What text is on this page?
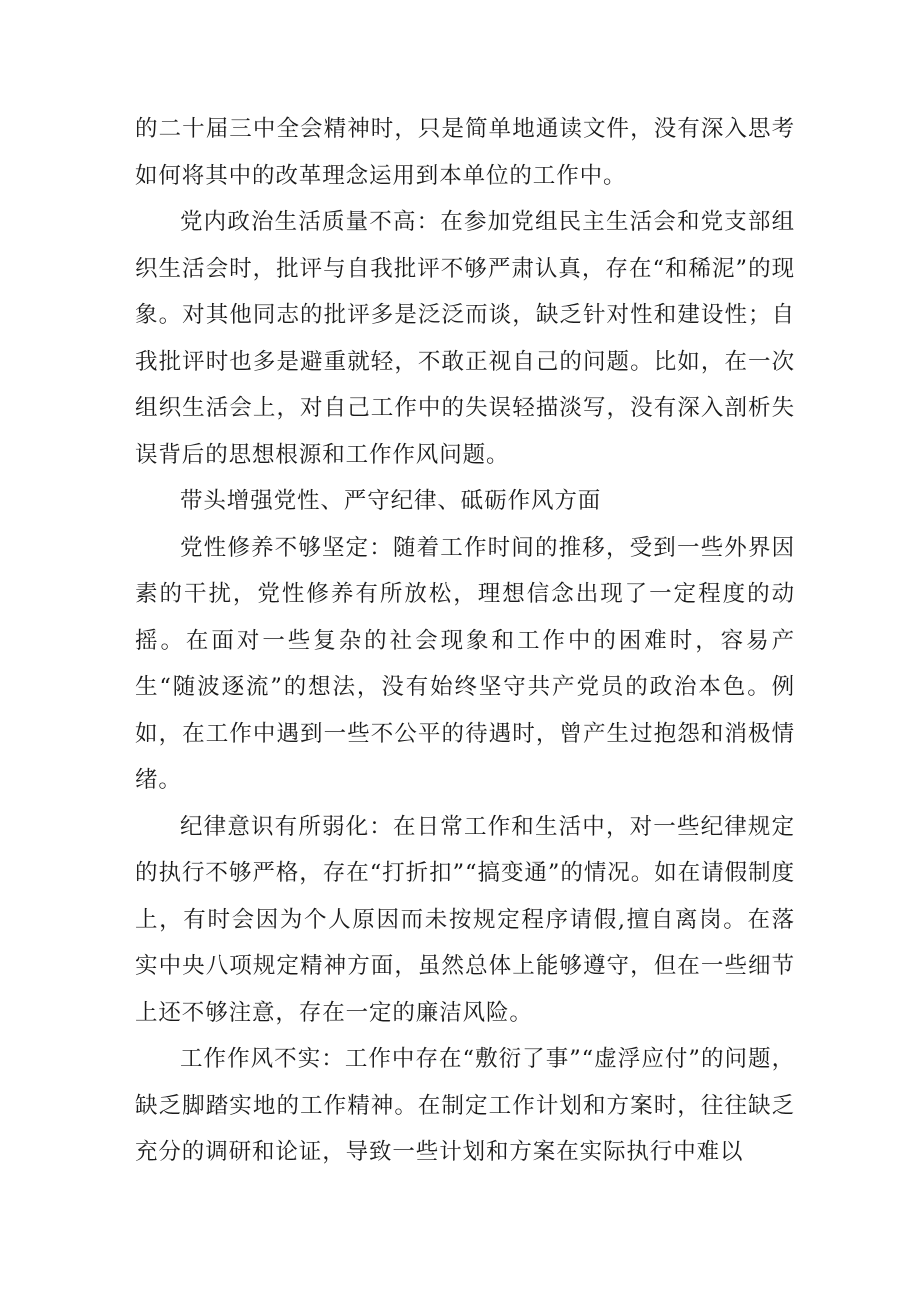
的二十届三中全会精神时，只是简单地通读文件，没有深入思考如何将其中的改革理念运用到本单位的工作中。

党内政治生活质量不高：在参加党组民主生活会和党支部组织生活会时，批评与自我批评不够严肃认真，存在“和稀泥”的现象。对其他同志的批评多是泛泛而谈，缺乏针对性和建设性；自我批评时也多是避重就轻，不敢正视自己的问题。比如，在一次组织生活会上，对自己工作中的失误轻描淡写，没有深入剖析失误背后的思想根源和工作作风问题。

带头增强党性、严守纪律、砥砺作风方面

党性修养不够坚定：随着工作时间的推移，受到一些外界因素的干扰，党性修养有所放松，理想信念出现了一定程度的动摇。在面对一些复杂的社会现象和工作中的困难时，容易产生“随波逐流”的想法，没有始终坚守共产党员的政治本色。例如，在工作中遇到一些不公平的待遇时，曾产生过抱怨和消极情绪。

纪律意识有所弱化：在日常工作和生活中，对一些纪律规定的执行不够严格，存在“打折扣”“搞变通”的情况。如在请假制度上，有时会因为个人原因而未按规定程序请假,擅自离岗。在落实中央八项规定精神方面，虽然总体上能够遵守，但在一些细节上还不够注意，存在一定的廉洁风险。

工作作风不实：工作中存在“敷衍了事”“虚浮应付”的问题，缺乏脚踏实地的工作精神。在制定工作计划和方案时，往往缺乏充分的调研和论证，导致一些计划和方案在实际执行中难以
